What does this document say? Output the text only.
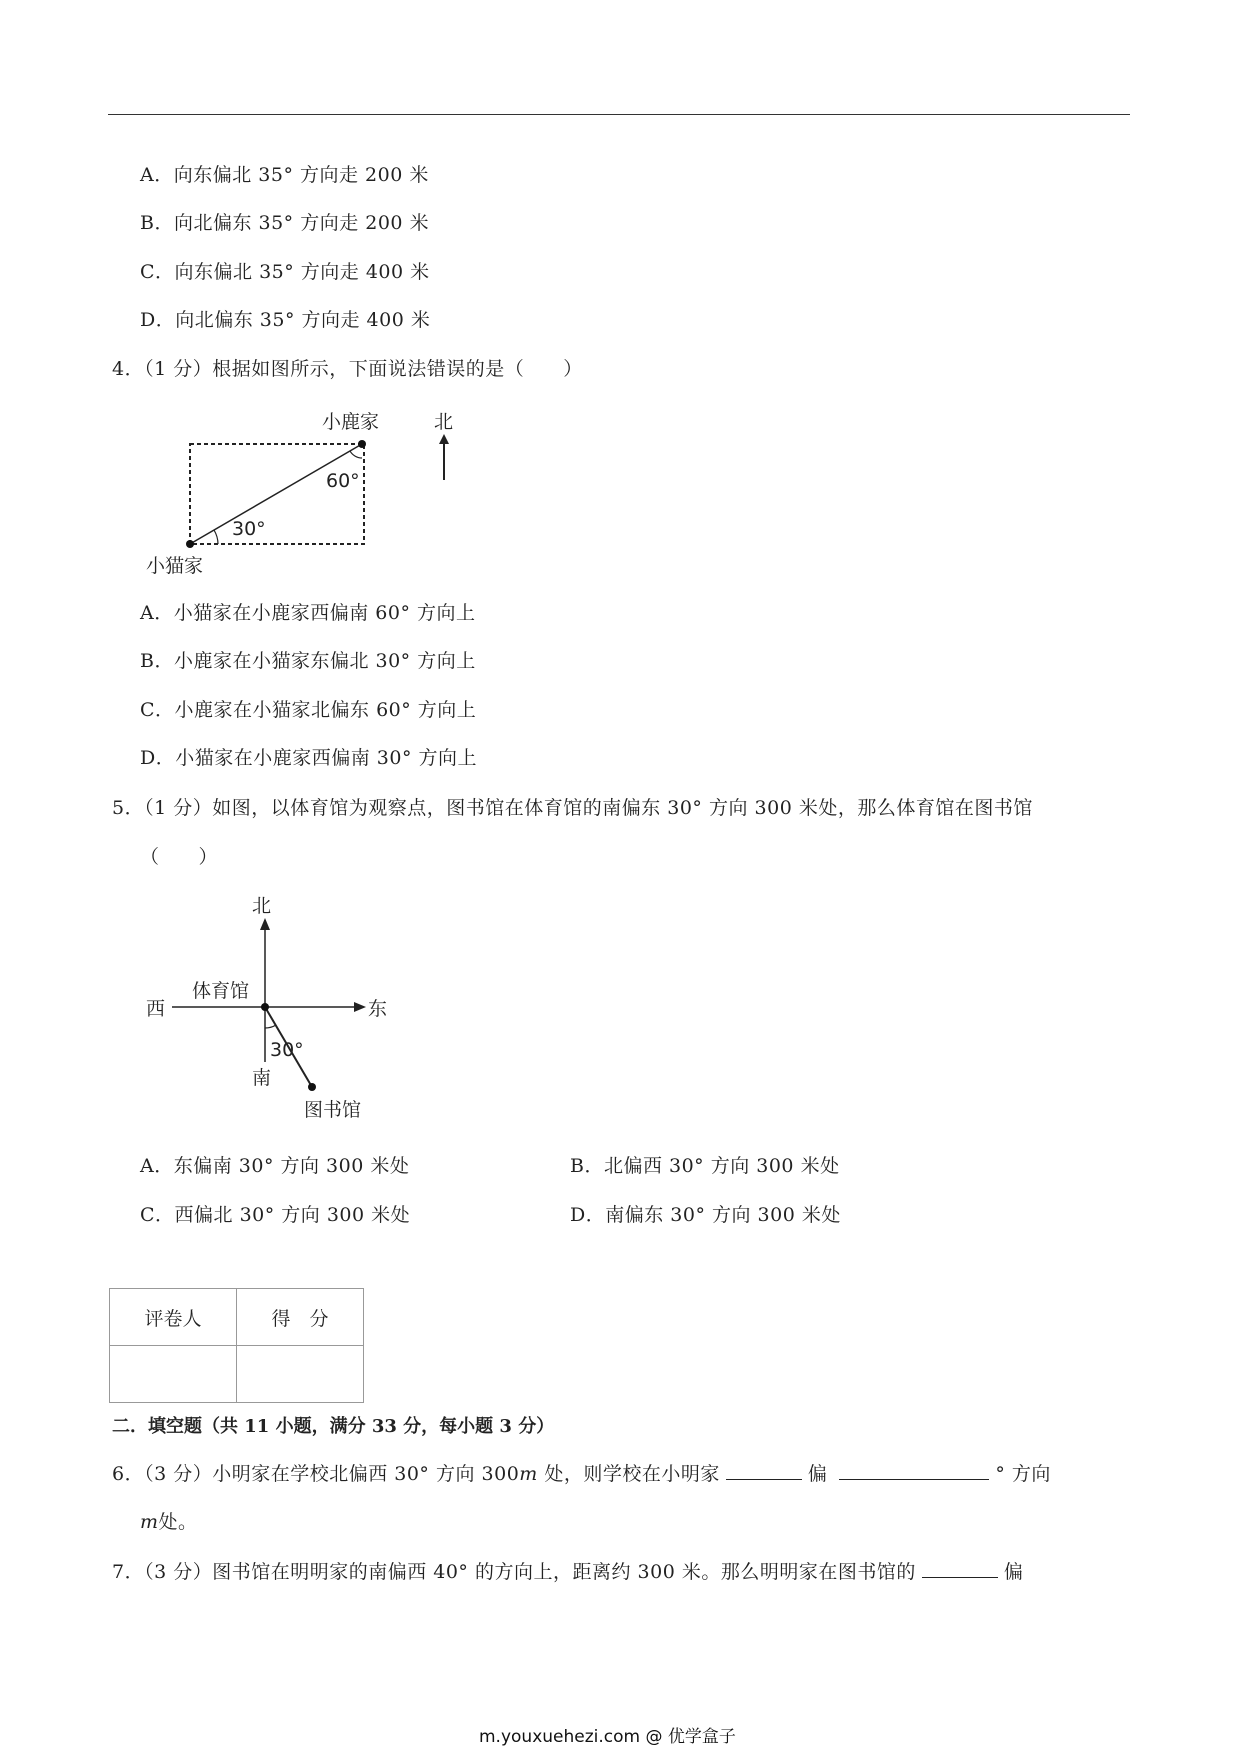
A．向东偏北 35° 方向走 200 米
B．向北偏东 35° 方向走 200 米
C．向东偏北 35° 方向走 400 米
D．向北偏东 35° 方向走 400 米
4．（1 分）根据如图所示，下面说法错误的是（　　）
小鹿家
60°
30°
小猫家
北
A．小猫家在小鹿家西偏南 60° 方向上
B．小鹿家在小猫家东偏北 30° 方向上
C．小鹿家在小猫家北偏东 60° 方向上
D．小猫家在小鹿家西偏南 30° 方向上
5．（1 分）如图，以体育馆为观察点，图书馆在体育馆的南偏东 30° 方向 300 米处，那么体育馆在图书馆
（　　）
北
体育馆
西	东
30°
南
图书馆
A．东偏南 30° 方向 300 米处	B．北偏西 30° 方向 300 米处
C．西偏北 30° 方向 300 米处	D．南偏东 30° 方向 300 米处
评卷人	得　分

二．填空题（共 11 小题，满分 33 分，每小题 3 分）
6．（3 分）小明家在学校北偏西 30° 方向 300m 处，则学校在小明家	偏	° 方向
m处。
7．（3 分）图书馆在明明家的南偏西 40° 的方向上，距离约 300 米。那么明明家在图书馆的	偏
m.youxuehezi.com @ 优学盒子
